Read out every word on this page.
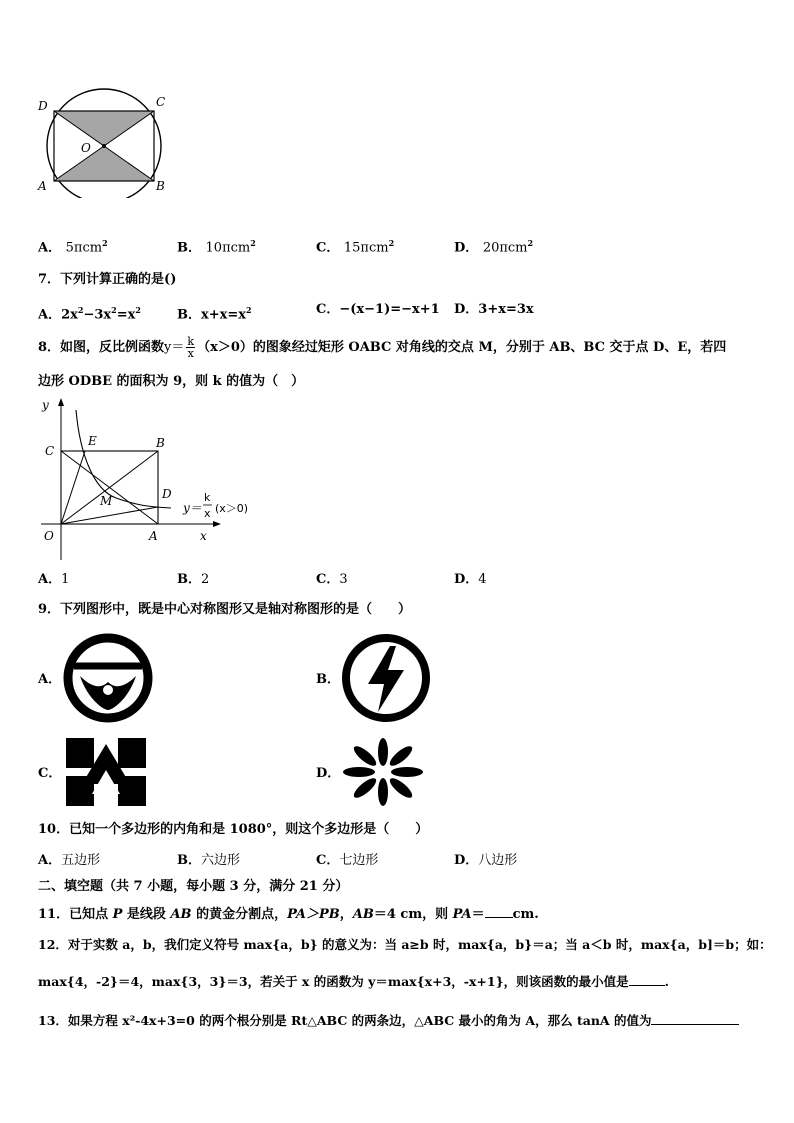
D	C
O
A	B
A． 5πcm$^2$	B． 10πcm$^2$	C． 15πcm$^2$	D． 20πcm$^2$
7．下列计算正确的是()
A．$2x^2-3x^2=x^2$	B．$x+x=x^2$	C．−(x−1)=−x+1 D．3+x=3x
8．如图，反比例函数$y= \frac{k}{x} (x>0)$的图象经过矩形 OABC 对角线的交点 M，分别于 AB、BC 交于点 D、E，若四
边形 ODBE 的面积为 9，则 k 的值为（　）
y
C
E	B
M	D
O	A	x
y＝
k
x (x＞0)
A．1	B．2	C．3	D．4
9．下列图形中，既是中心对称图形又是轴对称图形的是（　　）
A．	B．
C．	D．
10．已知一个多边形的内角和是 1080°，则这个多边形是（　　）
A．五边形	B．六边形	C．七边形	D．八边形
二、填空题（共 7 小题，每小题 3 分，满分 21 分）
11．已知点 P 是线段 AB 的黄金分割点，PA＞PB，AB＝4 cm，则 PA＝ cm.
12．对于实数 a，b，我们定义符号 max{a，b} 的意义为：当 a≥b 时，max{a，b}＝a；当 a＜b 时，max{a，b]＝b；如：
max{4，-2}＝4，max{3，3}＝3，若关于 x 的函数为 y＝max{x+3，-x+1}，则该函数的最小值是	.
13．如果方程 x²-4x+3=0 的两个根分别是 Rt△ABC 的两条边，△ABC 最小的角为 A，那么 tanA 的值为
